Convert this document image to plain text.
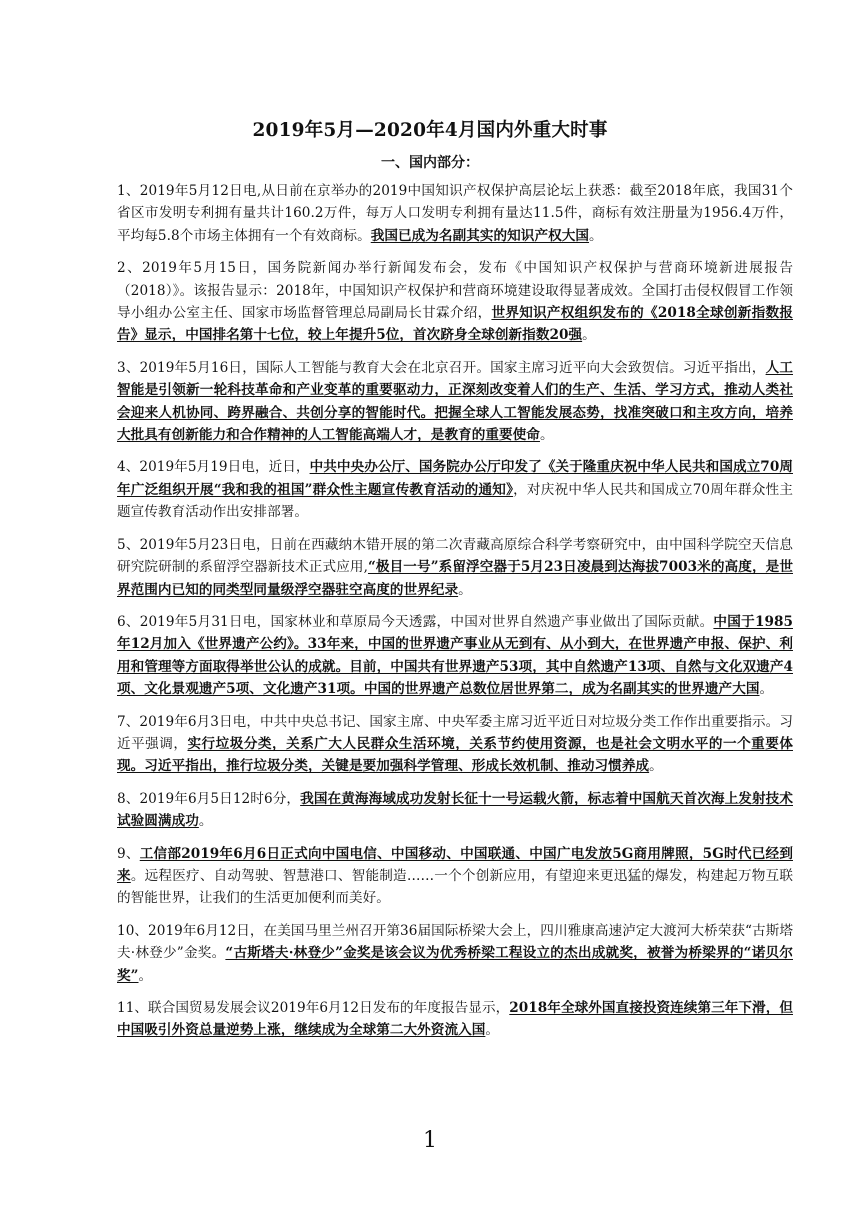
2019年5月—2020年4月国内外重大时事
一、国内部分：

1、2019年5月12日电,从日前在京举办的2019中国知识产权保护高层论坛上获悉：截至2018年底，我国31个省区市发明专利拥有量共计160.2万件，每万人口发明专利拥有量达11.5件，商标有效注册量为1956.4万件，平均每5.8个市场主体拥有一个有效商标。我国已成为名副其实的知识产权大国。

2、2019年5月15日，国务院新闻办举行新闻发布会，发布《中国知识产权保护与营商环境新进展报告（2018）》。该报告显示：2018年，中国知识产权保护和营商环境建设取得显著成效。全国打击侵权假冒工作领导小组办公室主任、国家市场监督管理总局副局长甘霖介绍，世界知识产权组织发布的《2018全球创新指数报告》显示，中国排名第十七位，较上年提升5位，首次跻身全球创新指数20强。

3、2019年5月16日，国际人工智能与教育大会在北京召开。国家主席习近平向大会致贺信。习近平指出，人工智能是引领新一轮科技革命和产业变革的重要驱动力，正深刻改变着人们的生产、生活、学习方式，推动人类社会迎来人机协同、跨界融合、共创分享的智能时代。把握全球人工智能发展态势，找准突破口和主攻方向，培养大批具有创新能力和合作精神的人工智能高端人才，是教育的重要使命。

4、2019年5月19日电，近日，中共中央办公厅、国务院办公厅印发了《关于隆重庆祝中华人民共和国成立70周年广泛组织开展“我和我的祖国”群众性主题宣传教育活动的通知》，对庆祝中华人民共和国成立70周年群众性主题宣传教育活动作出安排部署。

5、2019年5月23日电，日前在西藏纳木错开展的第二次青藏高原综合科学考察研究中，由中国科学院空天信息研究院研制的系留浮空器新技术正式应用,“极目一号”系留浮空器于5月23日凌晨到达海拔7003米的高度，是世界范围内已知的同类型同量级浮空器驻空高度的世界纪录。

6、2019年5月31日电，国家林业和草原局今天透露，中国对世界自然遗产事业做出了国际贡献。中国于1985年12月加入《世界遗产公约》。33年来，中国的世界遗产事业从无到有、从小到大，在世界遗产申报、保护、利用和管理等方面取得举世公认的成就。目前，中国共有世界遗产53项，其中自然遗产13项、自然与文化双遗产4项、文化景观遗产5项、文化遗产31项。中国的世界遗产总数位居世界第二，成为名副其实的世界遗产大国。

7、2019年6月3日电，中共中央总书记、国家主席、中央军委主席习近平近日对垃圾分类工作作出重要指示。习近平强调，实行垃圾分类，关系广大人民群众生活环境，关系节约使用资源，也是社会文明水平的一个重要体现。习近平指出，推行垃圾分类，关键是要加强科学管理、形成长效机制、推动习惯养成。

8、2019年6月5日12时6分，我国在黄海海域成功发射长征十一号运载火箭，标志着中国航天首次海上发射技术试验圆满成功。

9、工信部2019年6月6日正式向中国电信、中国移动、中国联通、中国广电发放5G商用牌照，5G时代已经到来。远程医疗、自动驾驶、智慧港口、智能制造……一个个创新应用，有望迎来更迅猛的爆发，构建起万物互联的智能世界，让我们的生活更加便利而美好。

10、2019年6月12日，在美国马里兰州召开第36届国际桥梁大会上，四川雅康高速泸定大渡河大桥荣获“古斯塔夫·林登少”金奖。“古斯塔夫·林登少”金奖是该会议为优秀桥梁工程设立的杰出成就奖，被誉为桥梁界的“诺贝尔奖”。

11、联合国贸易发展会议2019年6月12日发布的年度报告显示，2018年全球外国直接投资连续第三年下滑，但中国吸引外资总量逆势上涨，继续成为全球第二大外资流入国。

1
